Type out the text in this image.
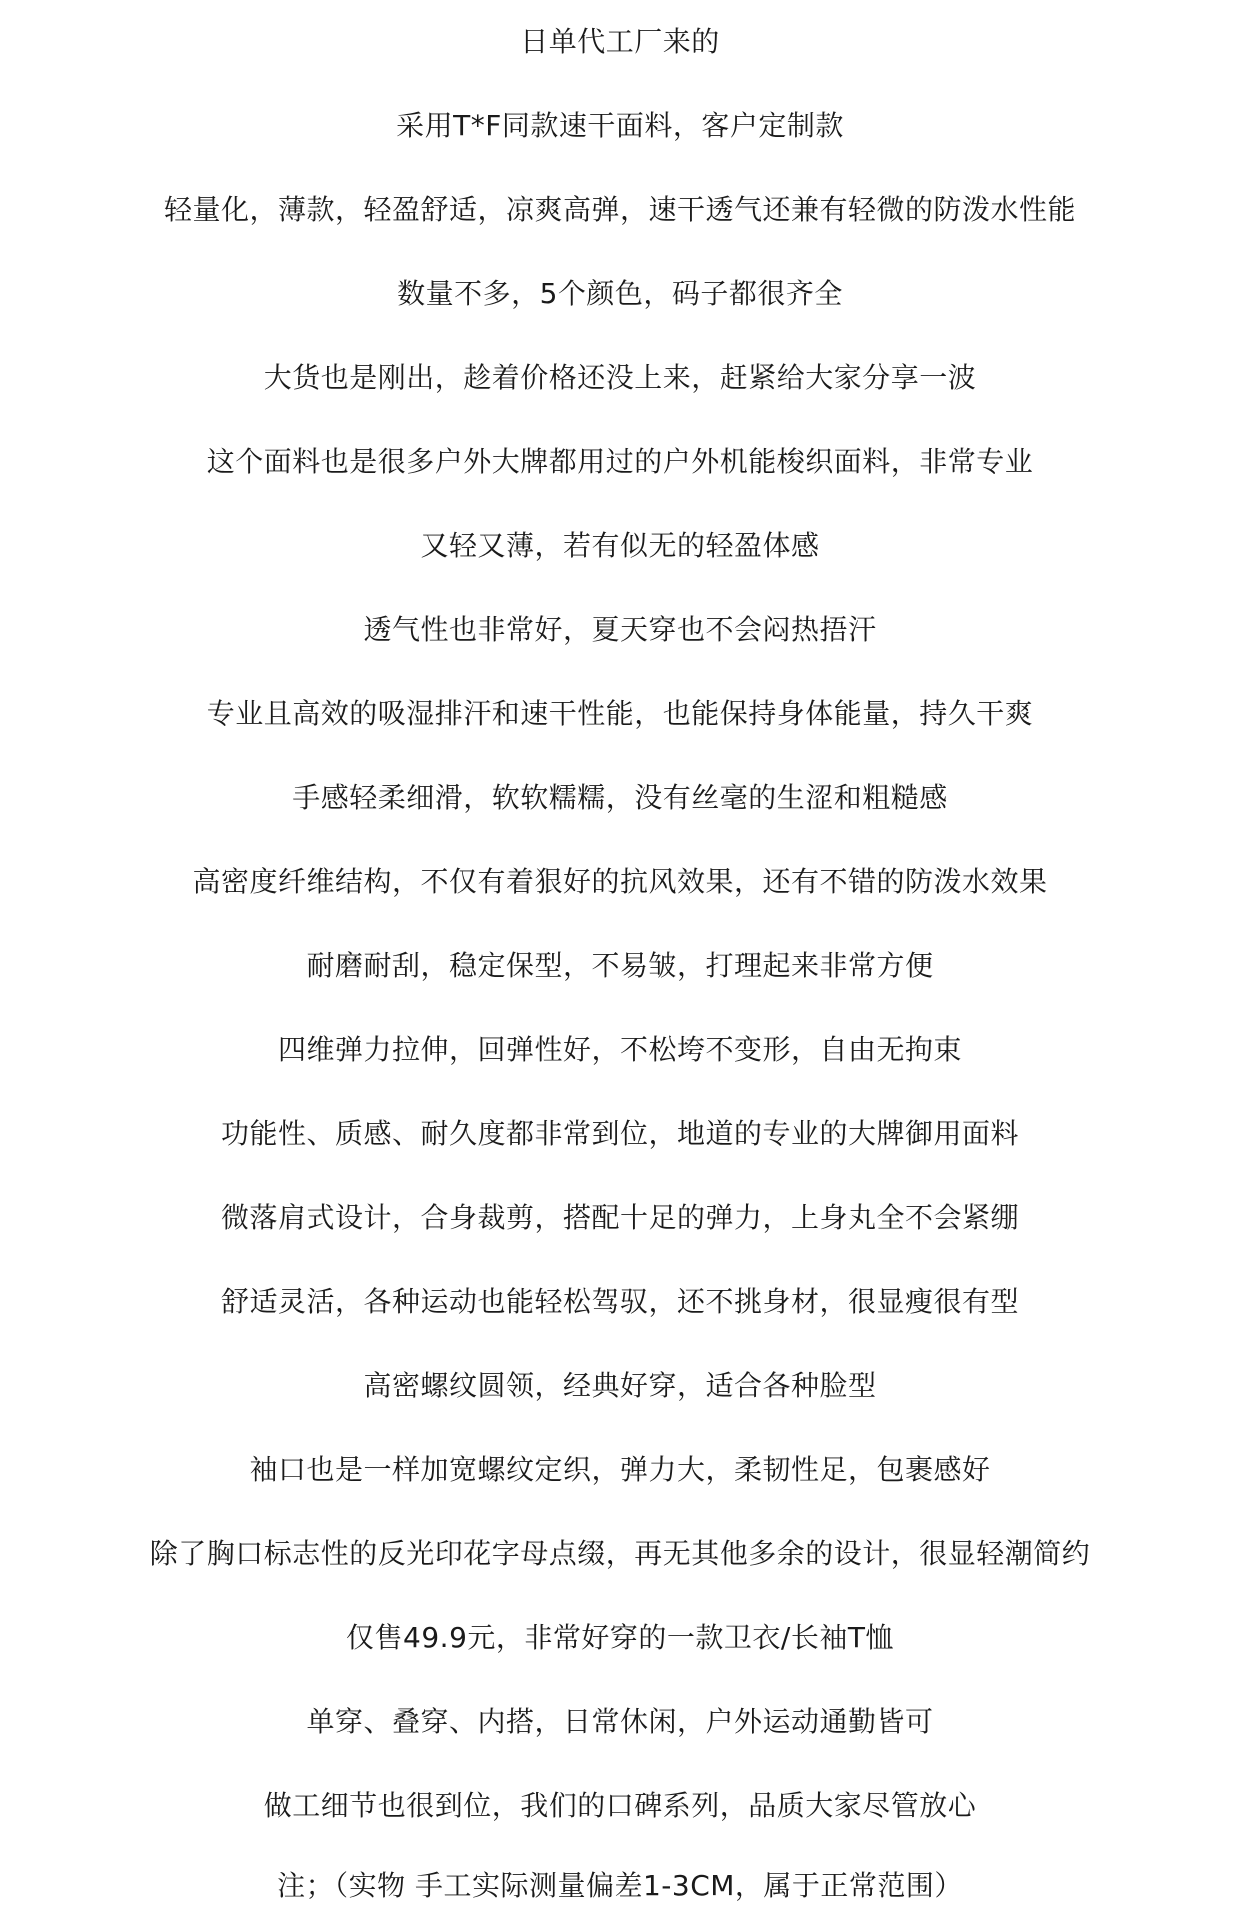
日单代工厂来的
采用T*F同款速干面料，客户定制款
轻量化，薄款，轻盈舒适，凉爽高弹，速干透气还兼有轻微的防泼水性能
数量不多，5个颜色，码子都很齐全
大货也是刚出，趁着价格还没上来，赶紧给大家分享一波
这个面料也是很多户外大牌都用过的户外机能梭织面料，非常专业
又轻又薄，若有似无的轻盈体感
透气性也非常好，夏天穿也不会闷热捂汗
专业且高效的吸湿排汗和速干性能，也能保持身体能量，持久干爽
手感轻柔细滑，软软糯糯，没有丝毫的生涩和粗糙感
高密度纤维结构，不仅有着狠好的抗风效果，还有不错的防泼水效果
耐磨耐刮，稳定保型，不易皱，打理起来非常方便
四维弹力拉伸，回弹性好，不松垮不变形，自由无拘束
功能性、质感、耐久度都非常到位，地道的专业的大牌御用面料
微落肩式设计，合身裁剪，搭配十足的弹力，上身丸全不会紧绷
舒适灵活，各种运动也能轻松驾驭，还不挑身材，很显瘦很有型
高密螺纹圆领，经典好穿，适合各种脸型
袖口也是一样加宽螺纹定织，弹力大，柔韧性足，包裹感好
除了胸口标志性的反光印花字母点缀，再无其他多余的设计，很显轻潮简约
仅售49.9元，非常好穿的一款卫衣/长袖T恤
单穿、叠穿、内搭，日常休闲，户外运动通勤皆可
做工细节也很到位，我们的口碑系列，品质大家尽管放心
注；（实物 手工实际测量偏差1-3CM，属于正常范围）
